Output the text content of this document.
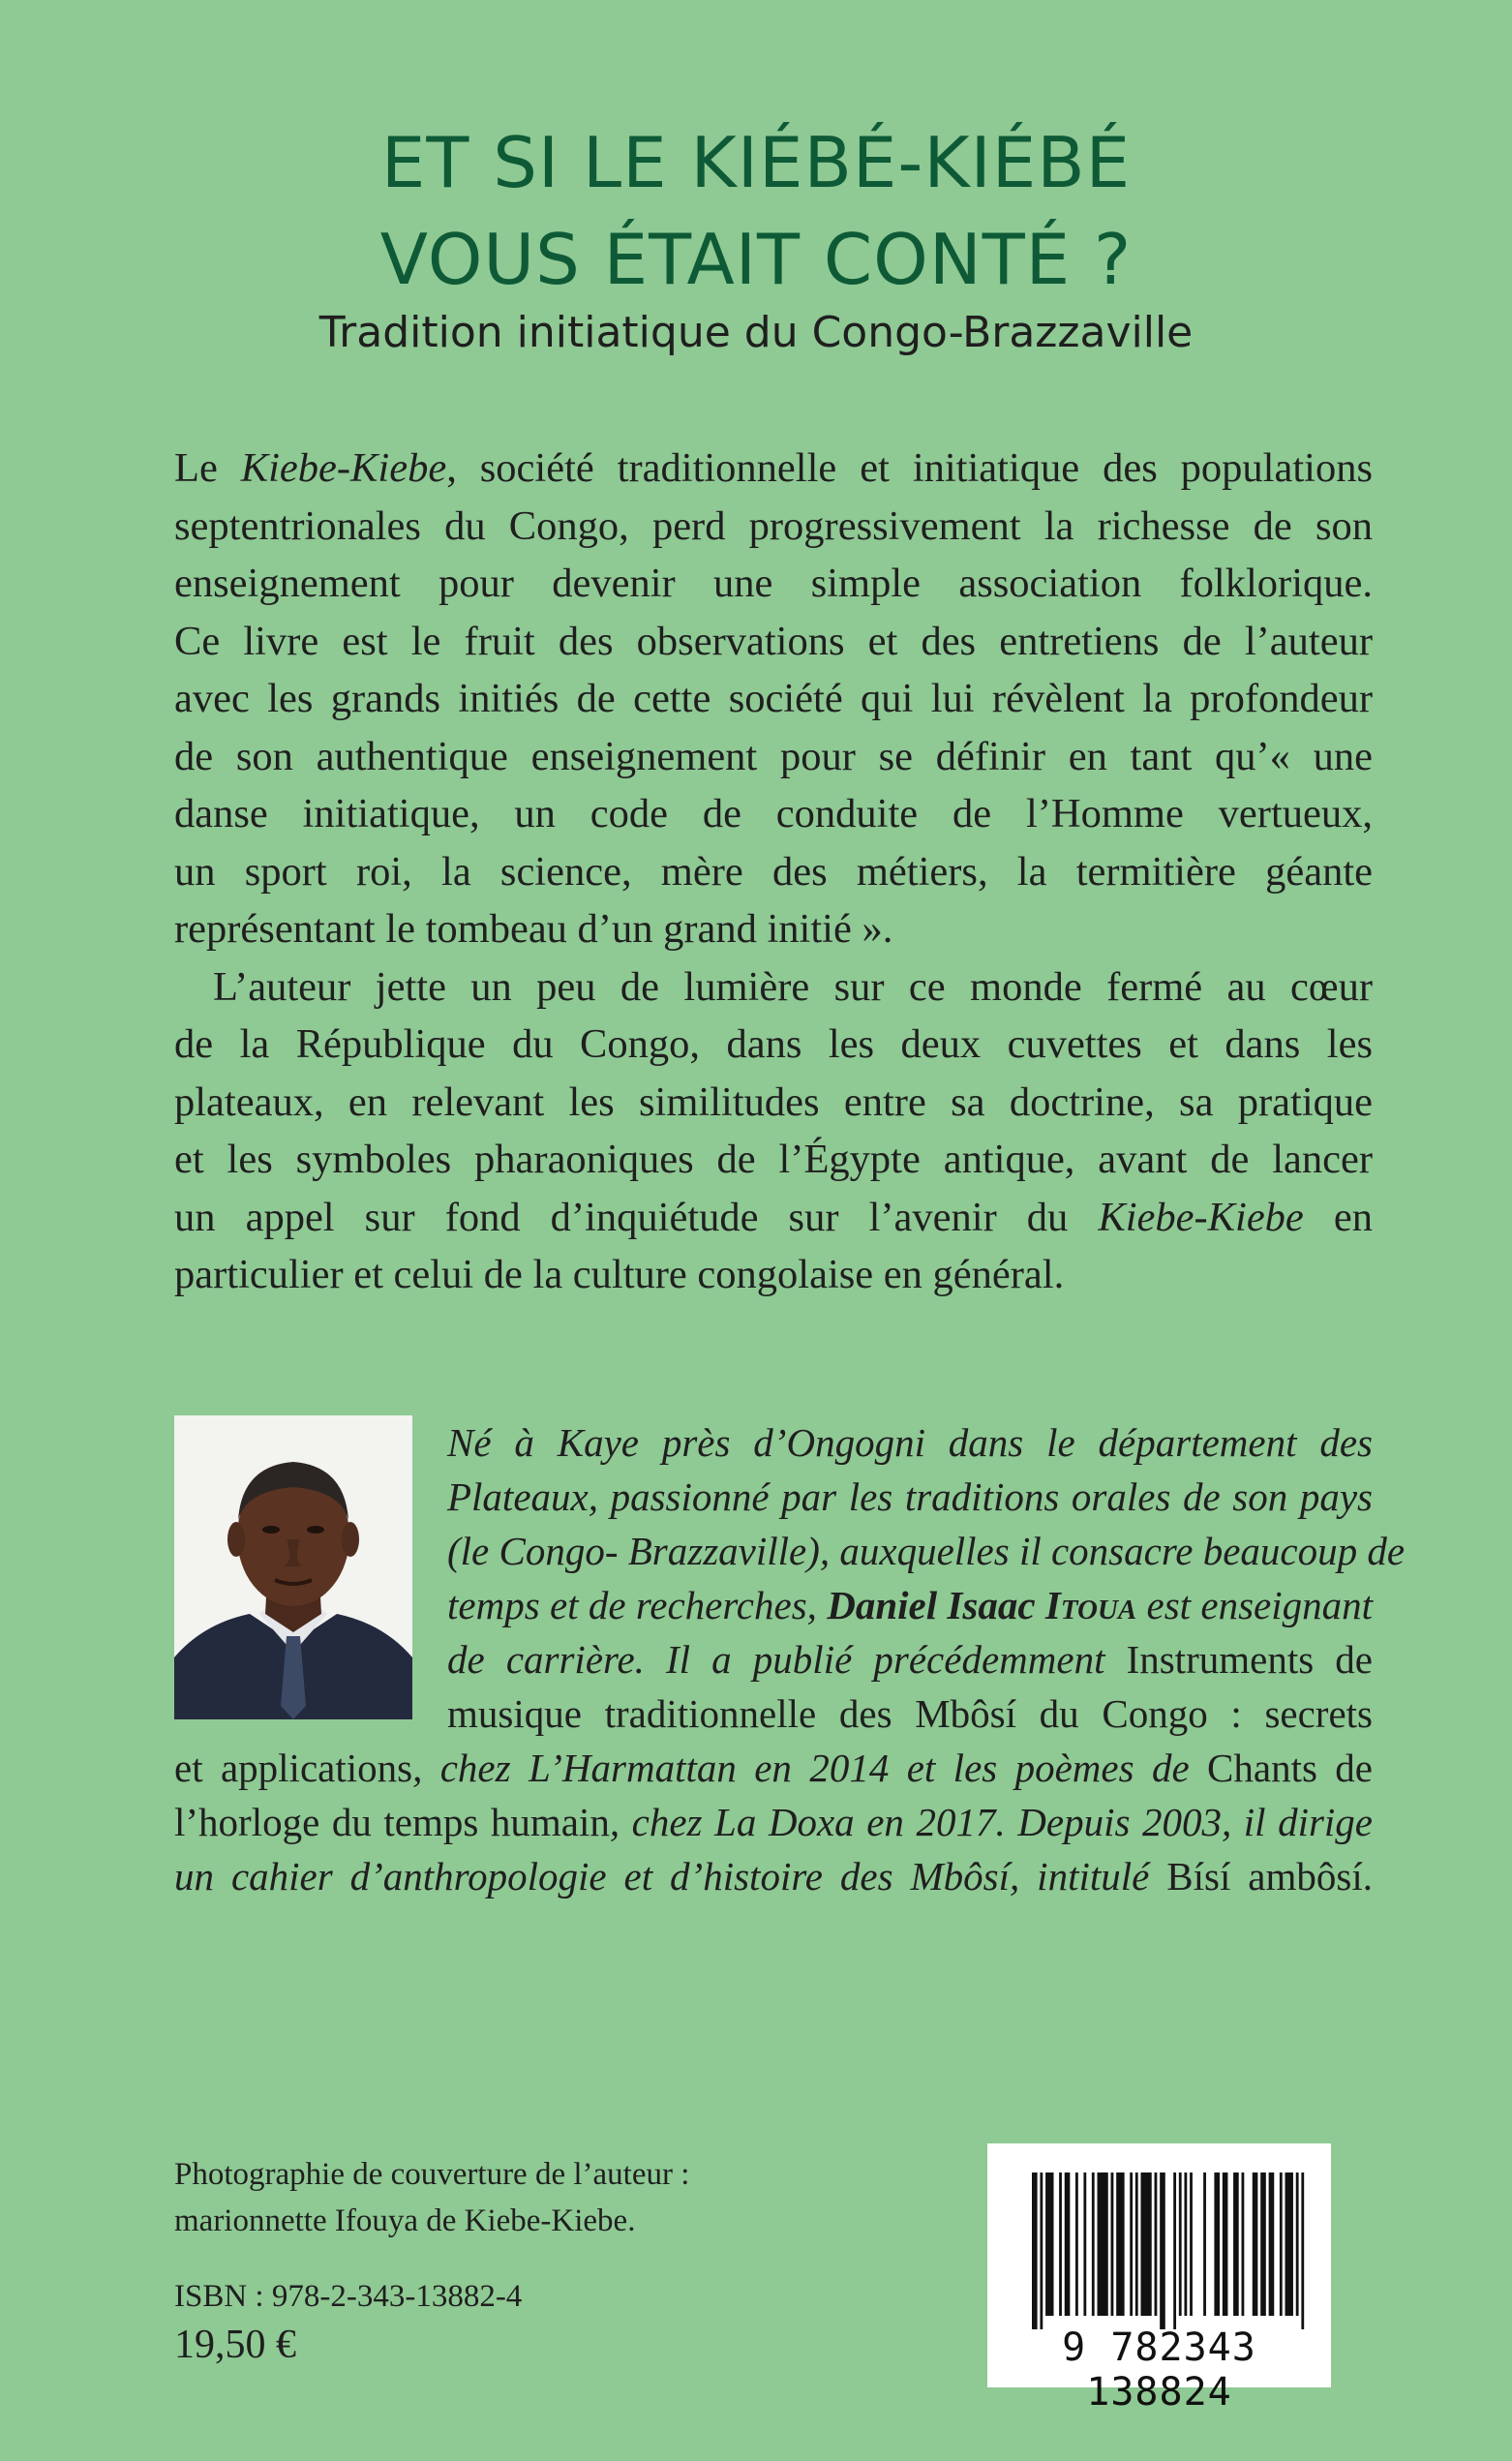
ET SI LE KIÉBÉ-KIÉBÉ
VOUS ÉTAIT CONTÉ ?
Tradition initiatique du Congo-Brazzaville
Le Kiebe-Kiebe, société traditionnelle et initiatique des populations
septentrionales du Congo, perd progressivement la richesse de son
enseignement pour devenir une simple association folklorique.
Ce livre est le fruit des observations et des entretiens de l’auteur
avec les grands initiés de cette société qui lui révèlent la profondeur
de son authentique enseignement pour se définir en tant qu’« une
danse initiatique, un code de conduite de l’Homme vertueux,
un sport roi, la science, mère des métiers, la termitière géante
représentant le tombeau d’un grand initié ».
L’auteur jette un peu de lumière sur ce monde fermé au cœur
de la République du Congo, dans les deux cuvettes et dans les
plateaux, en relevant les similitudes entre sa doctrine, sa pratique
et les symboles pharaoniques de l’Égypte antique, avant de lancer
un appel sur fond d’inquiétude sur l’avenir du Kiebe-Kiebe en
particulier et celui de la culture congolaise en général.
Né à Kaye près d’Ongogni dans le département des
Plateaux, passionné par les traditions orales de son pays
(le Congo- Brazzaville), auxquelles il consacre beaucoup de
temps et de recherches, Daniel Isaac Itoua est enseignant
de carrière. Il a publié précédemment Instruments de
musique traditionnelle des Mbôsí du Congo : secrets
et applications, chez L’Harmattan en 2014 et les poèmes de Chants de
l’horloge du temps humain, chez La Doxa en 2017. Depuis 2003, il dirige
un cahier d’anthropologie et d’histoire des Mbôsí, intitulé Bísí ambôsí.
Photographie de couverture de l’auteur :
marionnette Ifouya de Kiebe-Kiebe.
ISBN : 978-2-343-13882-4
19,50 €	9 782343 138824
